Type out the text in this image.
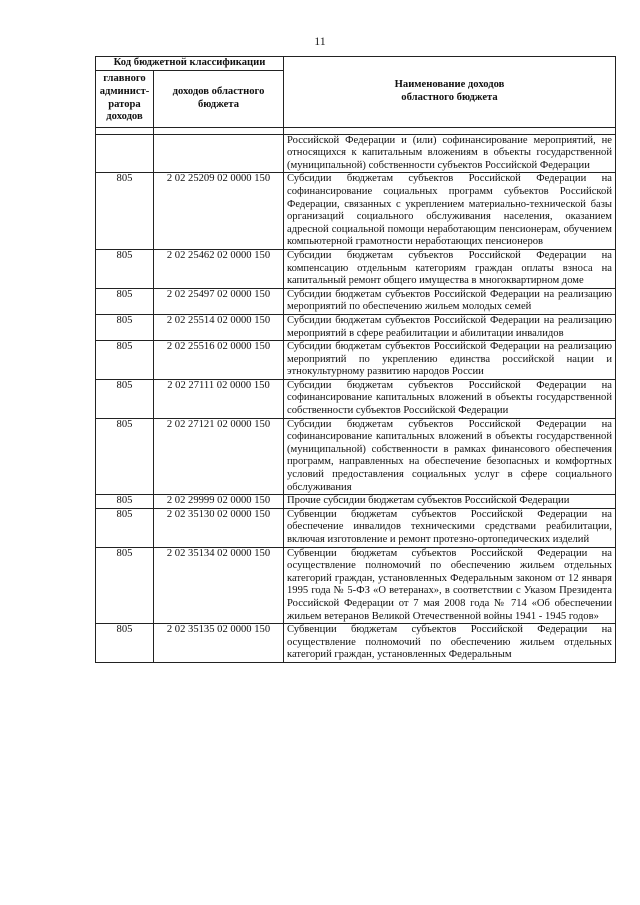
11
Код бюджетной классификации		Наименование доходов областного бюджета
главного админист-ратора доходов	доходов областного бюджета	

		Российской Федерации и (или) софинансирование мероприятий, не относящихся к капитальным вложениям в объекты государственной (муниципальной) собственности субъектов Российской Федерации
805	2 02 25209 02 0000 150	Субсидии бюджетам субъектов Российской Федерации на софинансирование социальных программ субъектов Российской Федерации, связанных с укреплением материально-технической базы организаций социального обслуживания населения, оказанием адресной социальной помощи неработающим пенсионерам, обучением компьютерной грамотности неработающих пенсионеров
805	2 02 25462 02 0000 150	Субсидии бюджетам субъектов Российской Федерации на компенсацию отдельным категориям граждан оплаты взноса на капитальный ремонт общего имущества в многоквартирном доме
805	2 02 25497 02 0000 150	Субсидии бюджетам субъектов Российской Федерации на реализацию мероприятий по обеспечению жильем молодых семей
805	2 02 25514 02 0000 150	Субсидии бюджетам субъектов Российской Федерации на реализацию мероприятий в сфере реабилитации и абилитации инвалидов
805	2 02 25516 02 0000 150	Субсидии бюджетам субъектов Российской Федерации на реализацию мероприятий по укреплению единства российской нации и этнокультурному развитию народов России
805	2 02 27111 02 0000 150	Субсидии бюджетам субъектов Российской Федерации на софинансирование капитальных вложений в объекты государственной собственности субъектов Российской Федерации
805	2 02 27121 02 0000 150	Субсидии бюджетам субъектов Российской Федерации на софинансирование капитальных вложений в объекты государственной (муниципальной) собственности в рамках финансового обеспечения программ, направленных на обеспечение безопасных и комфортных условий предоставления социальных услуг в сфере социального обслуживания
805	2 02 29999 02 0000 150	Прочие субсидии бюджетам субъектов Российской Федерации
805	2 02 35130 02 0000 150	Субвенции бюджетам субъектов Российской Федерации на обеспечение инвалидов техническими средствами реабилитации, включая изготовление и ремонт протезно-ортопедических изделий
805	2 02 35134 02 0000 150	Субвенции бюджетам субъектов Российской Федерации на осуществление полномочий по обеспечению жильем отдельных категорий граждан, установленных Федеральным законом от 12 января 1995 года № 5-ФЗ «О ветеранах», в соответствии с Указом Президента Российской Федерации от 7 мая 2008 года № 714 «Об обеспечении жильем ветеранов Великой Отечественной войны 1941 - 1945 годов»
805	2 02 35135 02 0000 150	Субвенции бюджетам субъектов Российской Федерации на осуществление полномочий по обеспечению жильем отдельных категорий граждан, установленных Федеральным
